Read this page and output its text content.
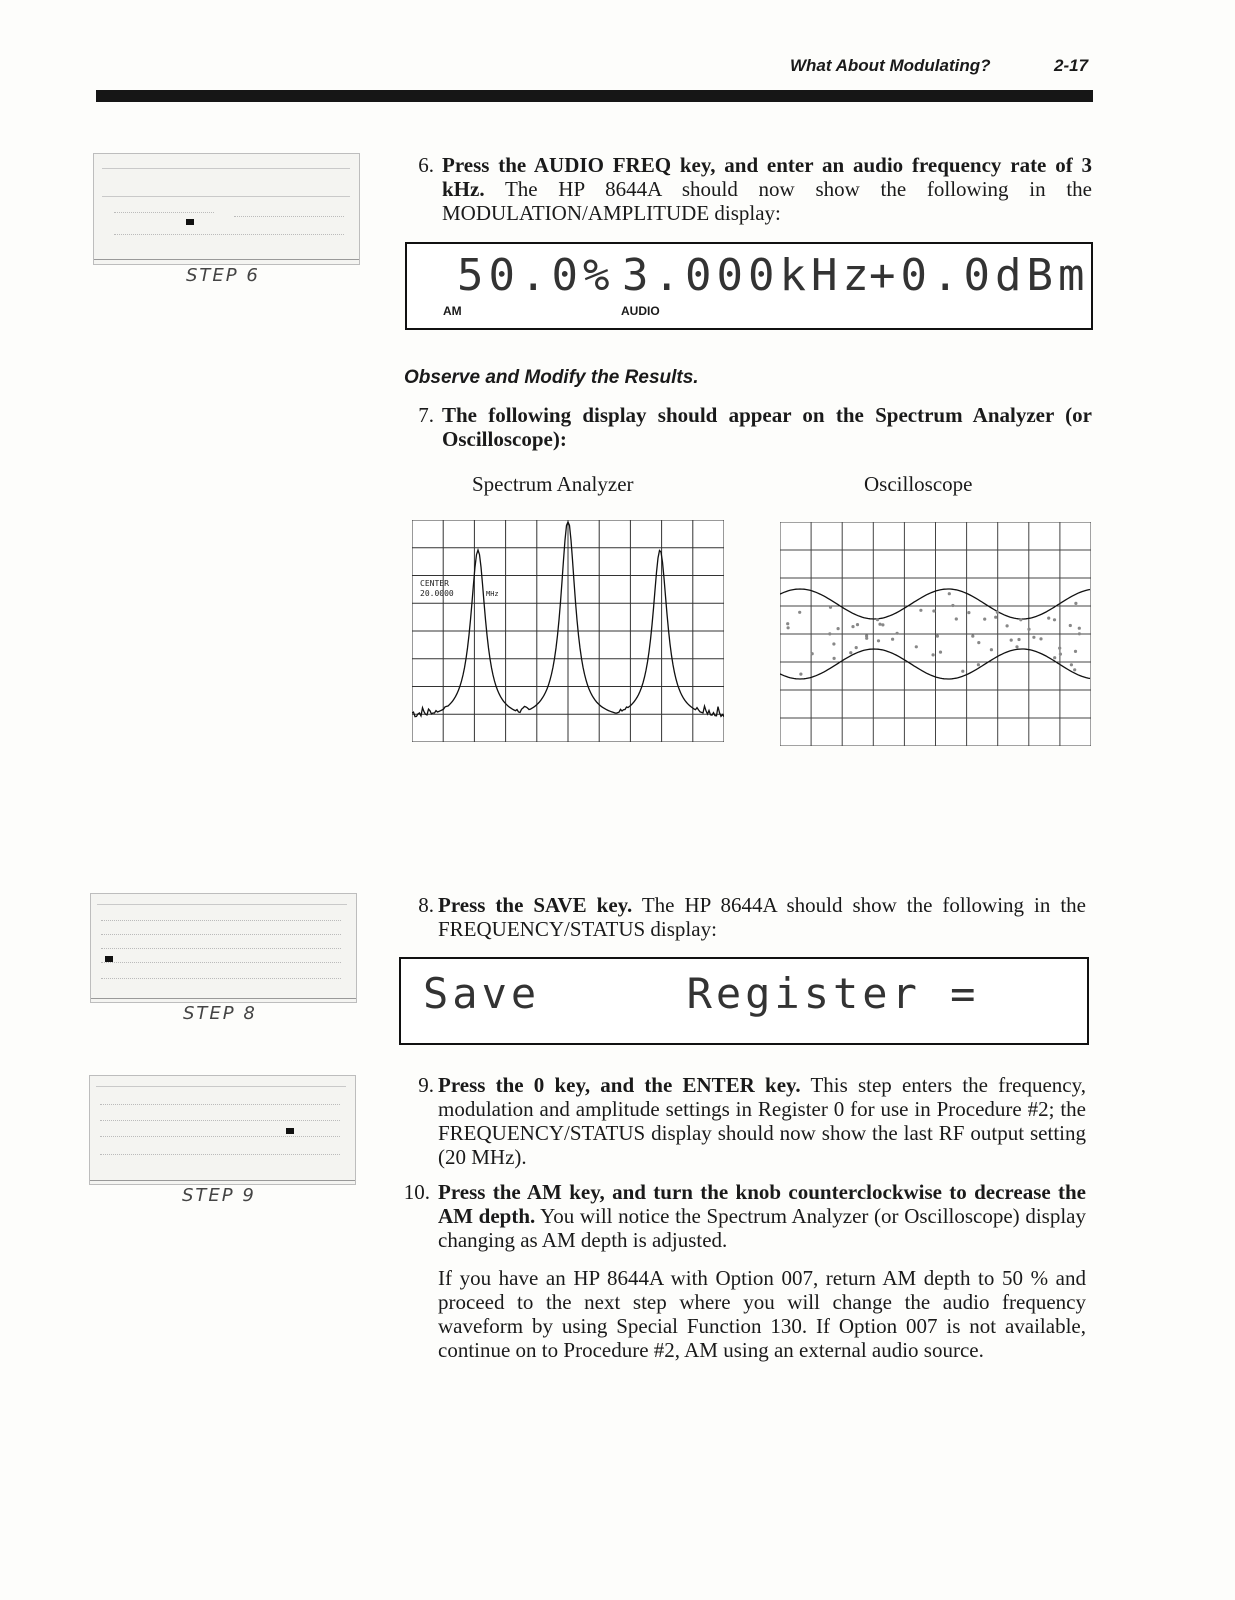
What About Modulating?	2-17
STEP 6
6. Press the AUDIO FREQ key, and enter an audio frequency rate of 3 kHz. The HP 8644A should now show the following in the MODULATION/AMPLITUDE display:
50.0% 3.000kHz
+0.0dBm
AM	AUDIO
Observe and Modify the Results.
7. The following display should appear on the Spectrum Analyzer (or Oscilloscope):
Spectrum Analyzer	Oscilloscope
CENTER
20.0000	MHz
STEP 8
8. Press the SAVE key. The HP 8644A should show the following in the FREQUENCY/STATUS display:
Save     Register =
STEP 9
9. Press the 0 key, and the ENTER key. This step enters the frequency, modulation and amplitude settings in Register 0 for use in Procedure #2; the FREQUENCY/STATUS display should now show the last RF output setting (20 MHz).
10. Press the AM key, and turn the knob counterclockwise to decrease the AM depth. You will notice the Spectrum Analyzer (or Oscilloscope) display changing as AM depth is adjusted.
If you have an HP 8644A with Option 007, return AM depth to 50 % and proceed to the next step where you will change the audio frequency waveform by using Special Function 130. If Option 007 is not available, continue on to Procedure #2, AM using an external audio source.
